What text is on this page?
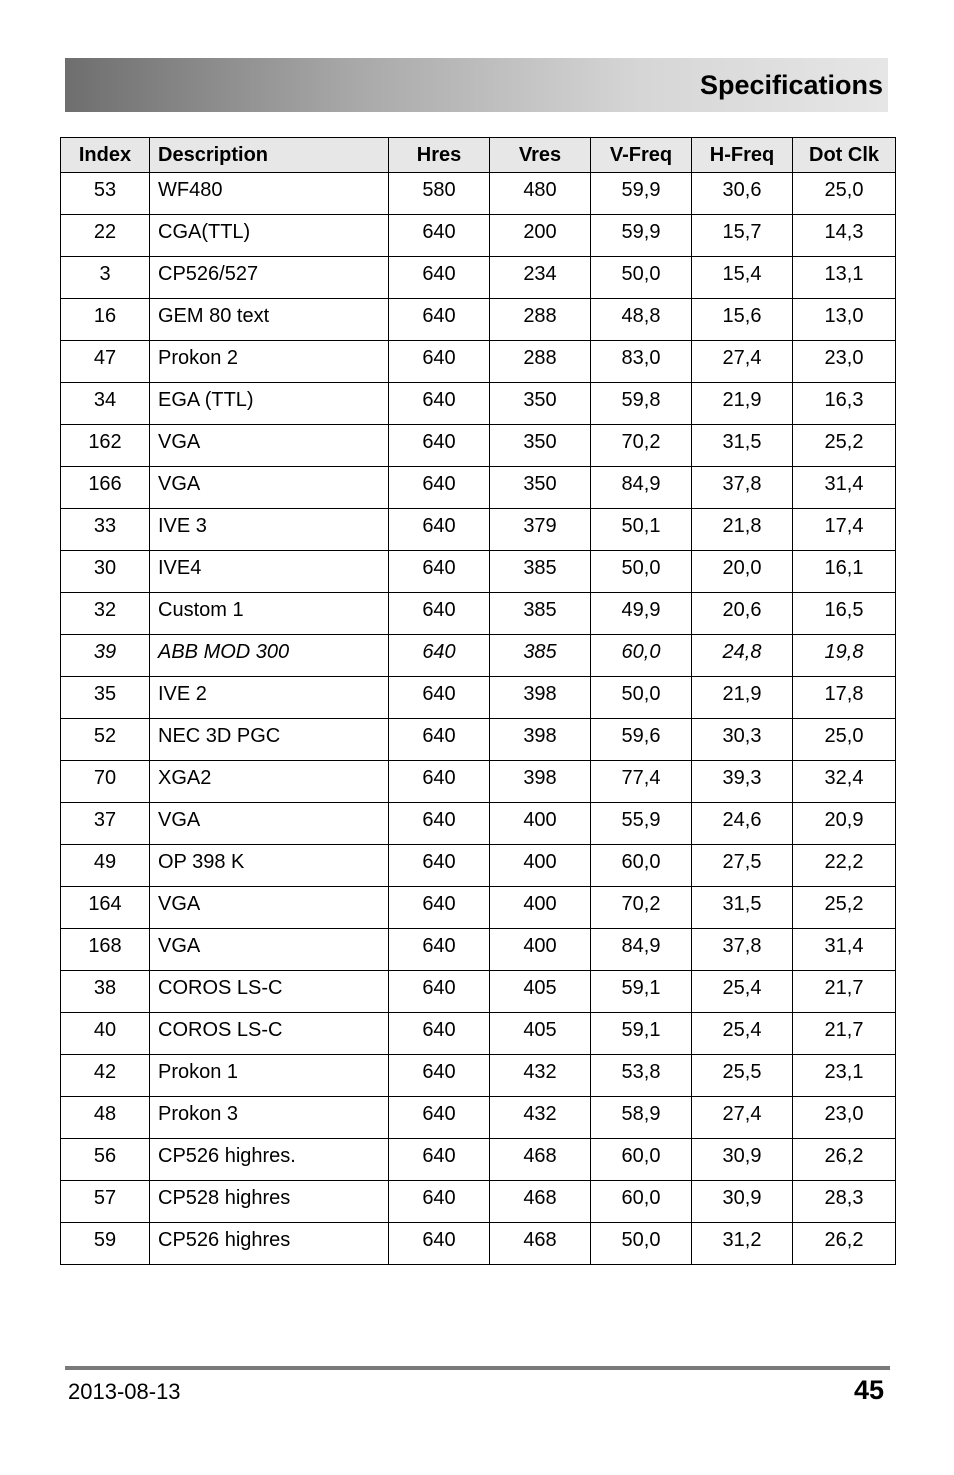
Specifications
Index	Description	Hres	Vres	V-Freq	H-Freq	Dot Clk
53	WF480	580	480	59,9	30,6	25,0
22	CGA(TTL)	640	200	59,9	15,7	14,3
3	CP526/527	640	234	50,0	15,4	13,1
16	GEM 80 text	640	288	48,8	15,6	13,0
47	Prokon 2	640	288	83,0	27,4	23,0
34	EGA (TTL)	640	350	59,8	21,9	16,3
162	VGA	640	350	70,2	31,5	25,2
166	VGA	640	350	84,9	37,8	31,4
33	IVE 3	640	379	50,1	21,8	17,4
30	IVE4	640	385	50,0	20,0	16,1
32	Custom 1	640	385	49,9	20,6	16,5
39	ABB MOD 300	640	385	60,0	24,8	19,8
35	IVE 2	640	398	50,0	21,9	17,8
52	NEC 3D PGC	640	398	59,6	30,3	25,0
70	XGA2	640	398	77,4	39,3	32,4
37	VGA	640	400	55,9	24,6	20,9
49	OP 398 K	640	400	60,0	27,5	22,2
164	VGA	640	400	70,2	31,5	25,2
168	VGA	640	400	84,9	37,8	31,4
38	COROS LS-C	640	405	59,1	25,4	21,7
40	COROS LS-C	640	405	59,1	25,4	21,7
42	Prokon 1	640	432	53,8	25,5	23,1
48	Prokon 3	640	432	58,9	27,4	23,0
56	CP526 highres.	640	468	60,0	30,9	26,2
57	CP528 highres	640	468	60,0	30,9	28,3
59	CP526 highres	640	468	50,0	31,2	26,2
2013-08-13	45
